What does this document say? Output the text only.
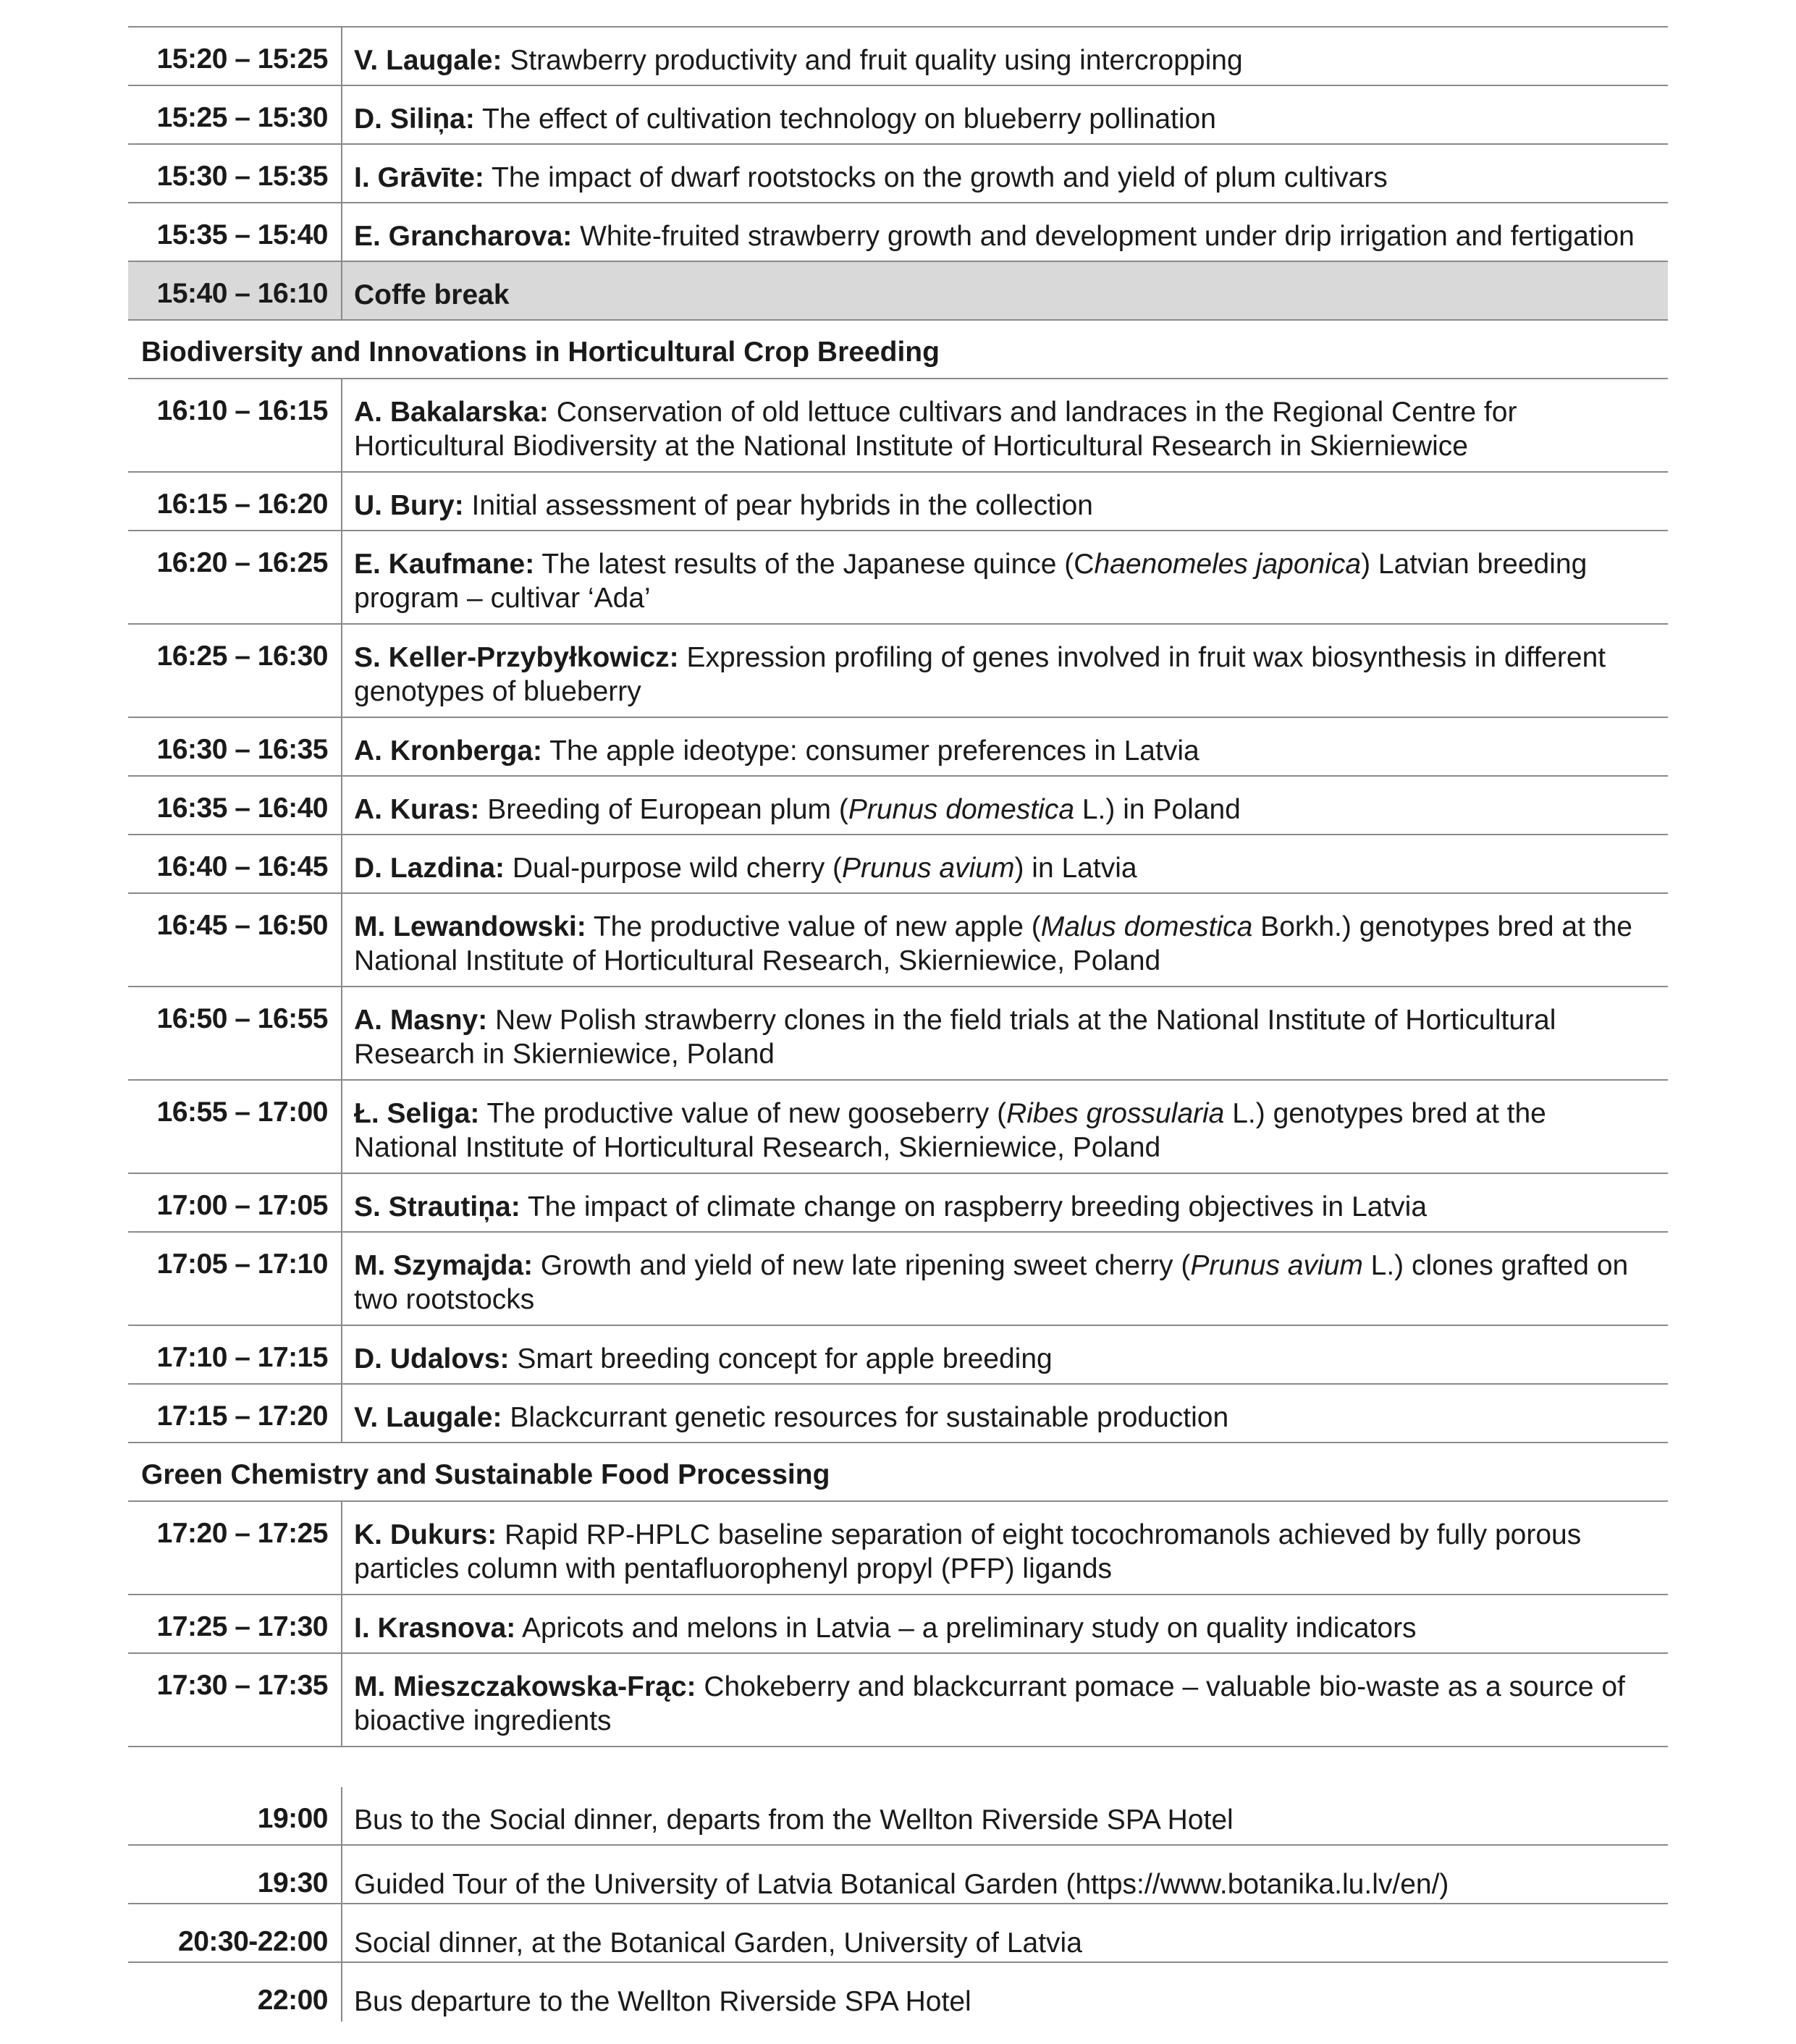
15:20 – 15:25 V. Laugale: Strawberry productivity and fruit quality using intercropping
15:25 – 15:30 D. Siliņa: The effect of cultivation technology on blueberry pollination
15:30 – 15:35 I. Grāvīte: The impact of dwarf rootstocks on the growth and yield of plum cultivars
15:35 – 15:40 E. Grancharova: White-fruited strawberry growth and development under drip irrigation and fertigation
15:40 – 16:10 Coffe break
Biodiversity and Innovations in Horticultural Crop Breeding
16:10 – 16:15 A. Bakalarska: Conservation of old lettuce cultivars and landraces in the Regional Centre for
Horticultural Biodiversity at the National Institute of Horticultural Research in Skierniewice
16:15 – 16:20 U. Bury: Initial assessment of pear hybrids in the collection
16:20 – 16:25 E. Kaufmane: The latest results of the Japanese quince (Chaenomeles japonica) Latvian breeding
program – cultivar ‘Ada’
16:25 – 16:30 S. Keller-Przybyłkowicz: Expression profiling of genes involved in fruit wax biosynthesis in different
genotypes of blueberry
16:30 – 16:35 A. Kronberga: The apple ideotype: consumer preferences in Latvia
16:35 – 16:40 A. Kuras: Breeding of European plum (Prunus domestica L.) in Poland
16:40 – 16:45 D. Lazdina: Dual-purpose wild cherry (Prunus avium) in Latvia
16:45 – 16:50 M. Lewandowski: The productive value of new apple (Malus domestica Borkh.) genotypes bred at the
National Institute of Horticultural Research, Skierniewice, Poland
16:50 – 16:55 A. Masny: New Polish strawberry clones in the field trials at the National Institute of Horticultural
Research in Skierniewice, Poland
16:55 – 17:00 Ł. Seliga: The productive value of new gooseberry (Ribes grossularia L.) genotypes bred at the
National Institute of Horticultural Research, Skierniewice, Poland
17:00 – 17:05 S. Strautiņa: The impact of climate change on raspberry breeding objectives in Latvia
17:05 – 17:10 M. Szymajda: Growth and yield of new late ripening sweet cherry (Prunus avium L.) clones grafted on
two rootstocks
17:10 – 17:15 D. Udalovs: Smart breeding concept for apple breeding
17:15 – 17:20 V. Laugale: Blackcurrant genetic resources for sustainable production
Green Chemistry and Sustainable Food Processing
17:20 – 17:25 K. Dukurs: Rapid RP-HPLC baseline separation of eight tocochromanols achieved by fully porous
particles column with pentafluorophenyl propyl (PFP) ligands
17:25 – 17:30 I. Krasnova: Apricots and melons in Latvia – a preliminary study on quality indicators
17:30 – 17:35 M. Mieszczakowska-Frąc: Chokeberry and blackcurrant pomace – valuable bio-waste as a source of
bioactive ingredients
19:00 Bus to the Social dinner, departs from the Wellton Riverside SPA Hotel
19:30 Guided Tour of the University of Latvia Botanical Garden (https://www.botanika.lu.lv/en/)
20:30-22:00 Social dinner, at the Botanical Garden, University of Latvia
22:00 Bus departure to the Wellton Riverside SPA Hotel
